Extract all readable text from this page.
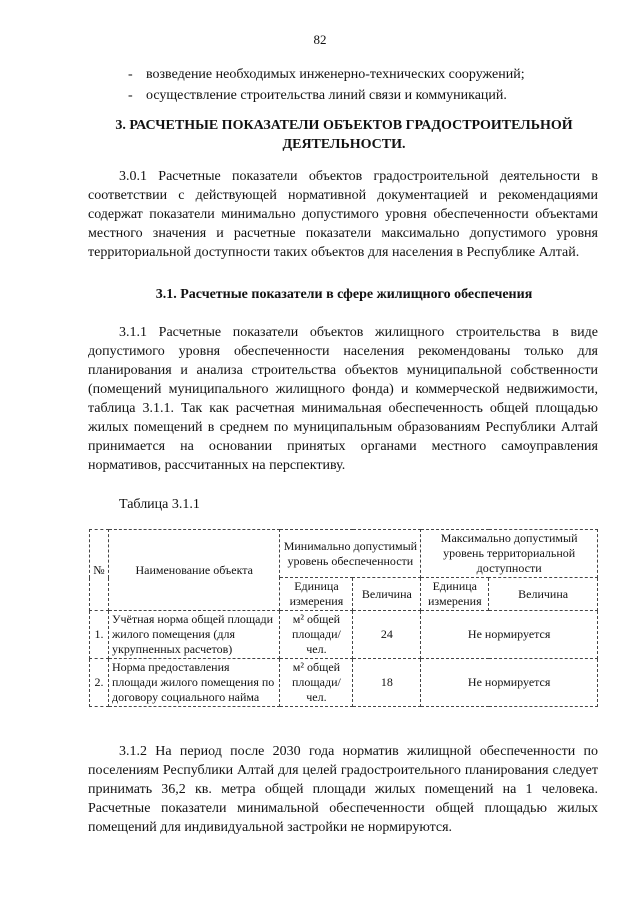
82
- возведение необходимых инженерно-технических сооружений;
- осуществление строительства линий связи и коммуникаций.
3. РАСЧЕТНЫЕ ПОКАЗАТЕЛИ ОБЪЕКТОВ ГРАДОСТРОИТЕЛЬНОЙ ДЕЯТЕЛЬНОСТИ.
3.0.1 Расчетные показатели объектов градостроительной деятельности в соответствии с действующей нормативной документацией и рекомендациями содержат показатели минимально допустимого уровня обеспеченности объектами местного значения и расчетные показатели максимально допустимого уровня территориальной доступности таких объектов для населения в Республике Алтай.
3.1. Расчетные показатели в сфере жилищного обеспечения
3.1.1 Расчетные показатели объектов жилищного строительства в виде допустимого уровня обеспеченности населения рекомендованы только для планирования и анализа строительства объектов муниципальной собственности (помещений муниципального жилищного фонда) и коммерческой недвижимости, таблица 3.1.1. Так как расчетная минимальная обеспеченность общей площадью жилых помещений в среднем по муниципальным образованиям Республики Алтай принимается на основании принятых органами местного самоуправления нормативов, рассчитанных на перспективу.
Таблица 3.1.1
№	Наименование объекта	Минимально допустимый уровень обеспеченности		Максимально допустимый уровень территориальной доступности	
		Единица измерения	Величина	Единица измерения	Величина
1.	Учётная норма общей площади жилого помещения (для укрупненных расчетов)	м² общей площади/ чел.	24	Не нормируется	
2.	Норма предоставления площади жилого помещения по договору социального найма	м² общей площади/ чел.	18	Не нормируется	
3.1.2 На период после 2030 года норматив жилищной обеспеченности по поселениям Республики Алтай для целей градостроительного планирования следует принимать 36,2 кв. метра общей площади жилых помещений на 1 человека. Расчетные показатели минимальной обеспеченности общей площадью жилых помещений для индивидуальной застройки не нормируются.
